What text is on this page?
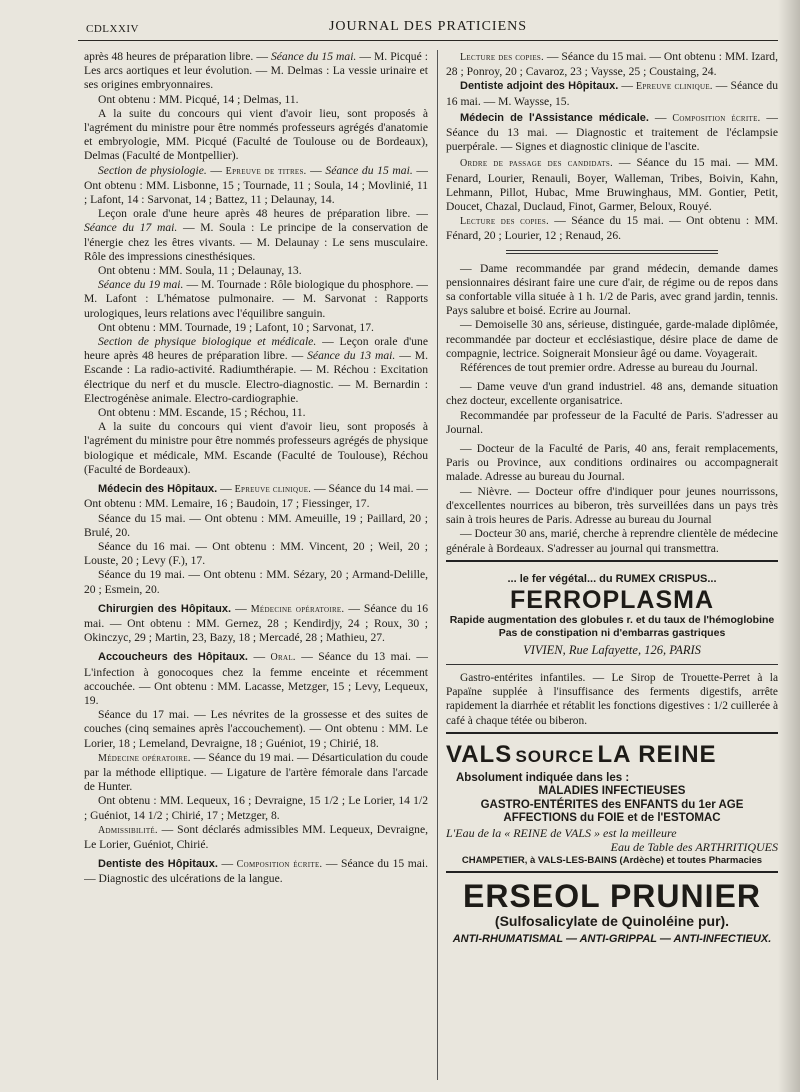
CDLXXIV	JOURNAL DES PRATICIENS

après 48 heures de préparation libre. — Séance du 15 mai. — M. Picqué : Les arcs aortiques et leur évolution. — M. Delmas : La vessie urinaire et ses origines embryonnaires.

Ont obtenu : MM. Picqué, 14 ; Delmas, 11.

A la suite du concours qui vient d'avoir lieu, sont proposés à l'agrément du ministre pour être nommés professeurs agrégés d'anatomie et embryologie, MM. Picqué (Faculté de Toulouse ou de Bordeaux), Delmas (Faculté de Montpellier).

Section de physiologie. — Epreuve de titres. — Séance du 15 mai. — Ont obtenu : MM. Lisbonne, 15 ; Tournade, 11 ; Soula, 14 ; Movlinié, 11 ; Lafont, 14 : Sarvonat, 14 ; Battez, 11 ; Delaunay, 14.

Leçon orale d'une heure après 48 heures de préparation libre. — Séance du 17 mai. — M. Soula : Le principe de la conservation de l'énergie chez les êtres vivants. — M. Delaunay : Le sens musculaire. Rôle des impressions cinesthésiques.

Ont obtenu : MM. Soula, 11 ; Delaunay, 13.

Séance du 19 mai. — M. Tournade : Rôle biologique du phosphore. — M. Lafont : L'hématose pulmonaire. — M. Sarvonat : Rapports urologiques, leurs relations avec l'équilibre sanguin.

Ont obtenu : MM. Tournade, 19 ; Lafont, 10 ; Sarvonat, 17.

Section de physique biologique et médicale. — Leçon orale d'une heure après 48 heures de préparation libre. — Séance du 13 mai. — M. Escande : La radio-activité. Radiumthérapie. — M. Réchou : Excitation électrique du nerf et du muscle. Electro-diagnostic. — M. Bernardin : Electrogénèse animale. Electro-cardiographie.

Ont obtenu : MM. Escande, 15 ; Réchou, 11.

A la suite du concours qui vient d'avoir lieu, sont proposés à l'agrément du ministre pour être nommés professeurs agrégés de physique biologique et médicale, MM. Escande (Faculté de Toulouse), Réchou (Faculté de Bordeaux).

Médecin des Hôpitaux. — Epreuve clinique. — Séance du 14 mai. — Ont obtenu : MM. Lemaire, 16 ; Baudoin, 17 ; Fiessinger, 17.

Séance du 15 mai. — Ont obtenu : MM. Ameuille, 19 ; Paillard, 20 ; Brulé, 20.

Séance du 16 mai. — Ont obtenu : MM. Vincent, 20 ; Weil, 20 ; Louste, 20 ; Levy (F.), 17.

Séance du 19 mai. — Ont obtenu : MM. Sézary, 20 ; Armand-Delille, 20 ; Esmein, 20.

Chirurgien des Hôpitaux. — Médecine opératoire. — Séance du 16 mai. — Ont obtenu : MM. Gernez, 28 ; Kendirdjy, 24 ; Roux, 30 ; Okinczyc, 29 ; Martin, 23, Bazy, 18 ; Mercadé, 28 ; Mathieu, 27.

Accoucheurs des Hôpitaux. — Oral. — Séance du 13 mai. — L'infection à gonocoques chez la femme enceinte et récemment accouchée. — Ont obtenu : MM. Lacasse, Metzger, 15 ; Levy, Lequeux, 19.

Séance du 17 mai. — Les névrites de la grossesse et des suites de couches (cinq semaines après l'accouchement). — Ont obtenu : MM. Le Lorier, 18 ; Lemeland, Devraigne, 18 ; Guéniot, 19 ; Chirié, 18.

Médecine opératoire. — Séance du 19 mai. — Désarticulation du coude par la méthode elliptique. — Ligature de l'artère fémorale dans l'arcade de Hunter.

Ont obtenu : MM. Lequeux, 16 ; Devraigne, 15 1/2 ; Le Lorier, 14 1/2 ; Guéniot, 14 1/2 ; Chirié, 17 ; Metzger, 8.

Admissibilité. — Sont déclarés admissibles MM. Lequeux, Devraigne, Le Lorier, Guéniot, Chirié.

Dentiste des Hôpitaux. — Composition écrite. — Séance du 15 mai. — Diagnostic des ulcérations de la langue.

Lecture des copies. — Séance du 15 mai. — Ont obtenu : MM. Izard, 28 ; Ponroy, 20 ; Cavaroz, 23 ; Vaysse, 25 ; Coustaing, 24.

Dentiste adjoint des Hôpitaux. — Epreuve clinique. — Séance du 16 mai. — M. Waysse, 15.

Médecin de l'Assistance médicale. — Composition écrite. — Séance du 13 mai. — Diagnostic et traitement de l'éclampsie puerpérale. — Signes et diagnostic clinique de l'ascite.

Ordre de passage des candidats. — Séance du 15 mai. — MM. Fenard, Lourier, Renauli, Boyer, Walleman, Tribes, Boivin, Kahn, Lehmann, Pillot, Hubac, Mme Bruwinghaus, MM. Gontier, Petit, Doucet, Chazal, Duclaud, Finot, Garmer, Beloux, Rouyé.

Lecture des copies. — Séance du 15 mai. — Ont obtenu : MM. Fénard, 20 ; Lourier, 12 ; Renaud, 26.

— Dame recommandée par grand médecin, demande dames pensionnaires désirant faire une cure d'air, de régime ou de repos dans sa confortable villa située à 1 h. 1/2 de Paris, avec grand jardin, tennis. Pays salubre et boisé. Ecrire au Journal.

— Demoiselle 30 ans, sérieuse, distinguée, garde-malade diplômée, recommandée par docteur et ecclésiastique, désire place de dame de compagnie, lectrice. Soignerait Monsieur âgé ou dame. Voyagerait.

Références de tout premier ordre. Adresse au bureau du Journal.

— Dame veuve d'un grand industriel. 48 ans, demande situation chez docteur, excellente organisatrice.

Recommandée par professeur de la Faculté de Paris. S'adresser au Journal.

— Docteur de la Faculté de Paris, 40 ans, ferait remplacements, Paris ou Province, aux conditions ordinaires ou accompagnerait malade. Adresse au bureau du Journal.

— Nièvre. — Docteur offre d'indiquer pour jeunes nourrissons, d'excellentes nourrices au biberon, très surveillées dans un pays très sain à trois heures de Paris. Adresse au bureau du Journal

— Docteur 30 ans, marié, cherche à reprendre clientèle de médecine générale à Bordeaux. S'adresser au journal qui transmettra.

... le fer végétal... du RUMEX CRISPUS...
FERROPLASMA
Rapide augmentation des globules r. et du taux de l'hémoglobine
Pas de constipation ni d'embarras gastriques
VIVIEN, Rue Lafayette, 126, PARIS

Gastro-entérites infantiles. — Le Sirop de Trouette-Perret à la Papaïne supplée à l'insuffisance des ferments digestifs, arrête rapidement la diarrhée et rétablit les fonctions digestives : 1/2 cuillerée à café à chaque tétée ou biberon.

VALS SOURCE LA REINE
Absolument indiquée dans les :
MALADIES INFECTIEUSES
GASTRO-ENTÉRITES des ENFANTS du 1er AGE
AFFECTIONS du FOIE et de l'ESTOMAC
L'Eau de la « REINE de VALS » est la meilleure
Eau de Table des ARTHRITIQUES
CHAMPETIER, à VALS-LES-BAINS (Ardèche) et toutes Pharmacies
ERSEOL PRUNIER
(Sulfosalicylate de Quinoléine pur).
ANTI-RHUMATISMAL — ANTI-GRIPPAL — ANTI-INFECTIEUX.
